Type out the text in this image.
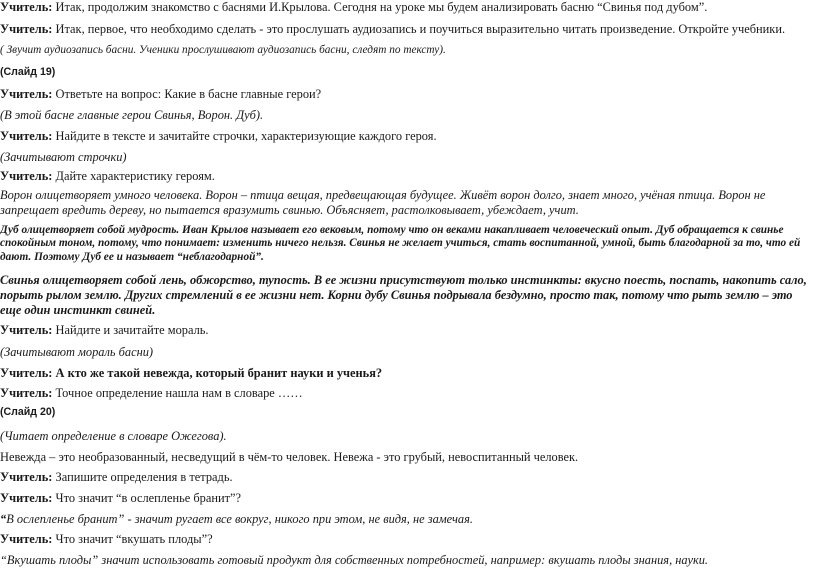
Учитель: Итак, продолжим знакомство с баснями И.Крылова. Сегодня на уроке мы будем анализировать басню “Свинья под дубом”.

Учитель: Итак, первое, что необходимо сделать - это прослушать аудиозапись и поучиться выразительно читать произведение. Откройте учебники.

( Звучит аудиозапись басни. Ученики прослушивают аудиозапись басни, следят по тексту).

(Слайд 19)

Учитель: Ответьте на вопрос: Какие в басне главные герои?

(В этой басне главные герои Свинья, Ворон. Дуб).

Учитель: Найдите в тексте и зачитайте строчки, характеризующие каждого героя.

(Зачитывают строчки)

Учитель: Дайте характеристику героям.

Ворон олицетворяет умного человека. Ворон – птица вещая, предвещающая будущее. Живёт ворон долго, знает много, учёная птица. Ворон не запрещает вредить дереву, но пытается вразумить свинью. Объясняет, растолковывает, убеждает, учит.

Дуб олицетворяет собой мудрость. Иван Крылов называет его вековым, потому что он веками накапливает человеческий опыт. Дуб обращается к свинье спокойным тоном, потому, что понимает: изменить ничего нельзя. Свинья не желает учиться, стать воспитанной, умной, быть благодарной за то, что ей дают. Поэтому Дуб ее и называет “неблагодарной”.

Свинья олицетворяет собой лень, обжорство, тупость. В ее жизни присутствуют только инстинкты: вкусно поесть, поспать, накопить сало, порыть рылом землю. Других стремлений в ее жизни нет. Корни дубу Свинья подрывала бездумно, просто так, потому что рыть землю – это еще один инстинкт свиней.

Учитель: Найдите и зачитайте мораль.

(Зачитывают мораль басни)

Учитель: А кто же такой невежда, который бранит науки и ученья?

Учитель: Точное определение нашла нам в словаре ……

(Слайд 20)

(Читает определение в словаре Ожегова).

Невежда – это необразованный, несведущий в чём-то человек. Невежа - это грубый, невоспитанный человек.

Учитель: Запишите определения в тетрадь.

Учитель: Что значит “в ослепленье бранит”?

“В ослепленье бранит” - значит ругает все вокруг, никого при этом, не видя, не замечая.

Учитель: Что значит “вкушать плоды”?

“Вкушать плоды” значит использовать готовый продукт для собственных потребностей, например: вкушать плоды знания, науки.
